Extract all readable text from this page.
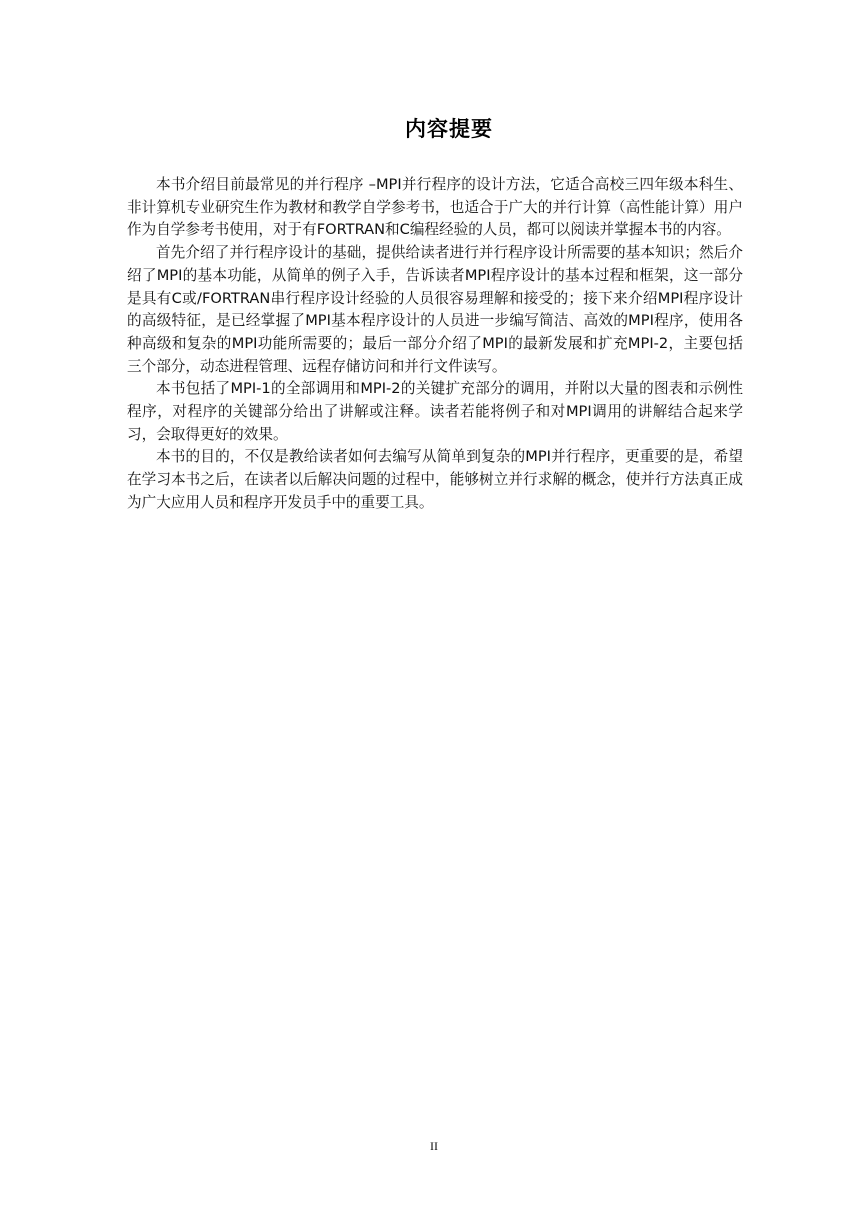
内容提要

本书介绍目前最常见的并行程序 –MPI并行程序的设计方法，它适合高校三四年级本科生、非计算机专业研究生作为教材和教学自学参考书，也适合于广大的并行计算（高性能计算）用户作为自学参考书使用，对于有FORTRAN和C编程经验的人员，都可以阅读并掌握本书的内容。

首先介绍了并行程序设计的基础，提供给读者进行并行程序设计所需要的基本知识；然后介绍了MPI的基本功能，从简单的例子入手，告诉读者MPI程序设计的基本过程和框架，这一部分是具有C或/FORTRAN串行程序设计经验的人员很容易理解和接受的；接下来介绍MPI程序设计的高级特征，是已经掌握了MPI基本程序设计的人员进一步编写简洁、高效的MPI程序，使用各种高级和复杂的MPI功能所需要的；最后一部分介绍了MPI的最新发展和扩充MPI-2，主要包括三个部分，动态进程管理、远程存储访问和并行文件读写。

本书包括了MPI-1的全部调用和MPI-2的关键扩充部分的调用，并附以大量的图表和示例性程序，对程序的关键部分给出了讲解或注释。读者若能将例子和对MPI调用的讲解结合起来学习，会取得更好的效果。

本书的目的，不仅是教给读者如何去编写从简单到复杂的MPI并行程序，更重要的是，希望在学习本书之后，在读者以后解决问题的过程中，能够树立并行求解的概念，使并行方法真正成为广大应用人员和程序开发员手中的重要工具。

II
